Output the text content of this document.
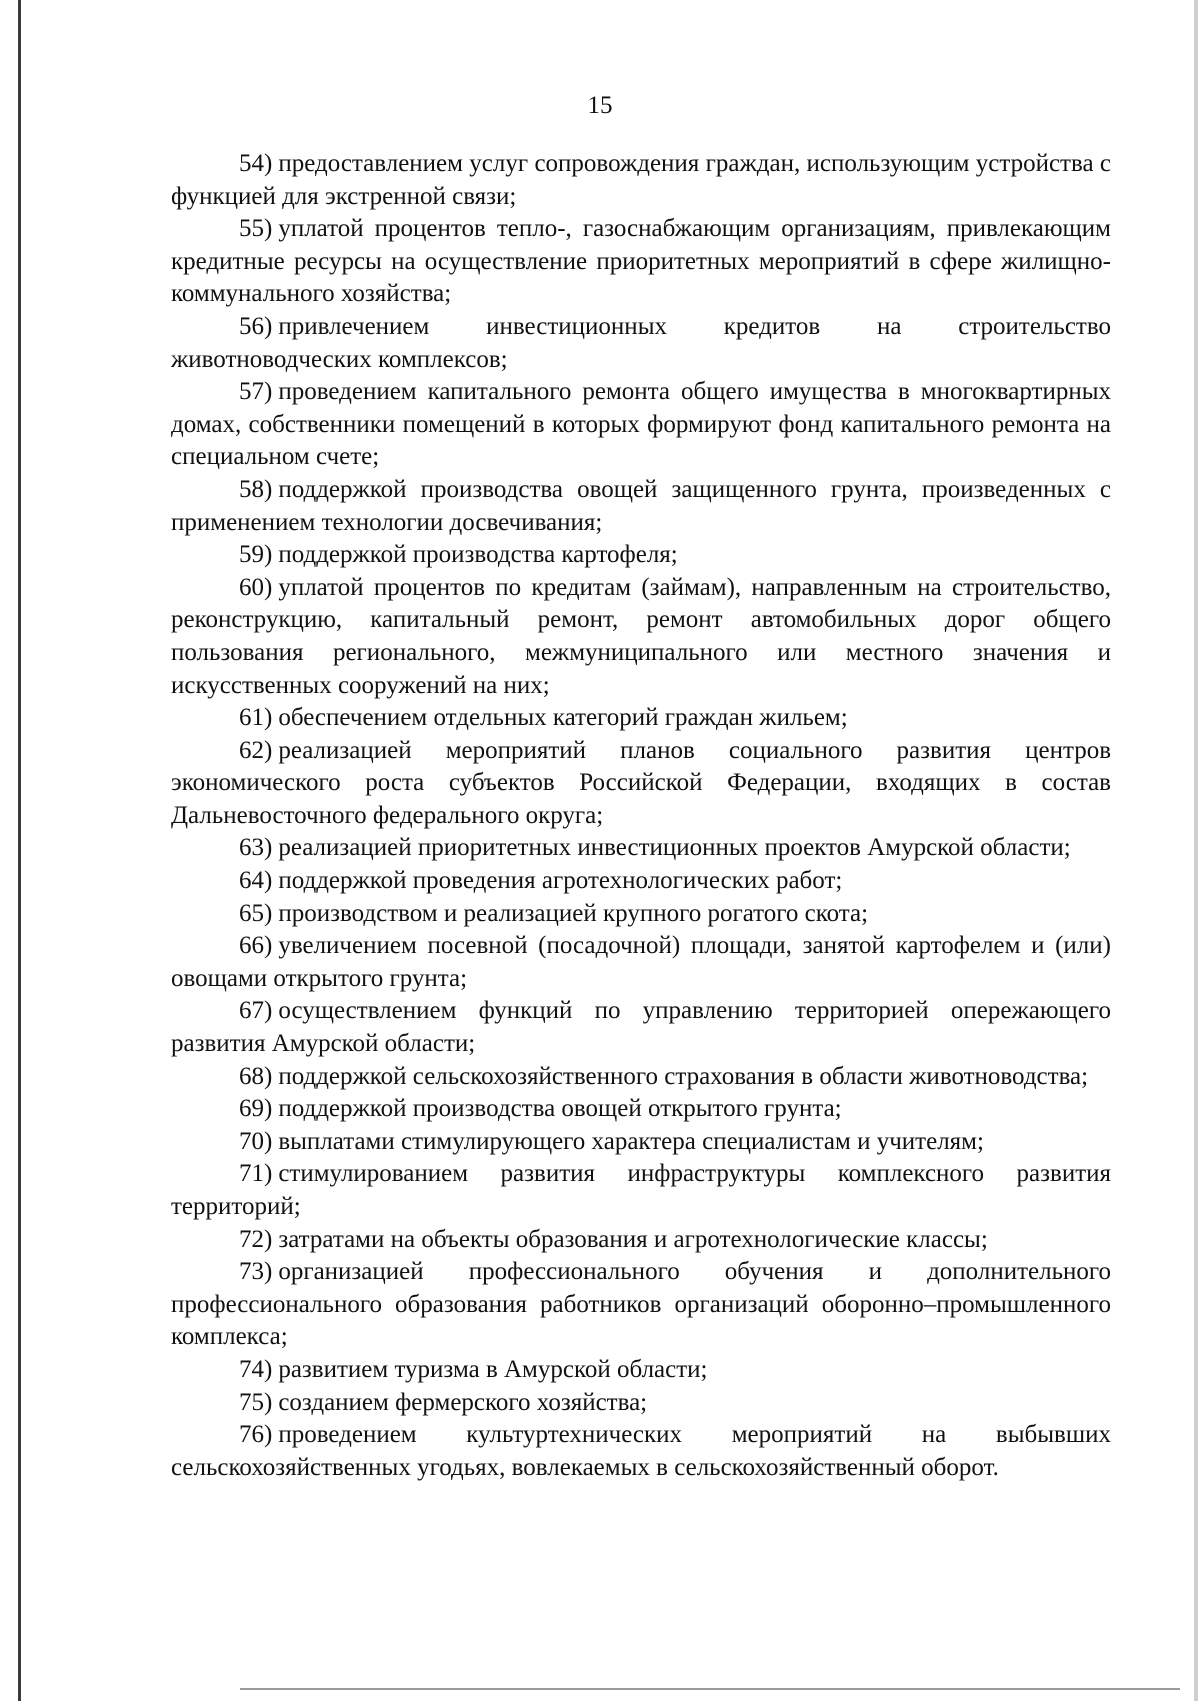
15

54) предоставлением услуг сопровождения граждан, использующим устройства с функцией для экстренной связи;

55) уплатой процентов тепло-, газоснабжающим организациям, привлекающим кредитные ресурсы на осуществление приоритетных мероприятий в сфере жилищно-коммунального хозяйства;

56) привлечением инвестиционных кредитов на строительство животноводческих комплексов;

57) проведением капитального ремонта общего имущества в многоквартирных домах, собственники помещений в которых формируют фонд капитального ремонта на специальном счете;

58) поддержкой производства овощей защищенного грунта, произведенных с применением технологии досвечивания;

59) поддержкой производства картофеля;

60) уплатой процентов по кредитам (займам), направленным на строительство, реконструкцию, капитальный ремонт, ремонт автомобильных дорог общего пользования регионального, межмуниципального или местного значения и искусственных сооружений на них;

61) обеспечением отдельных категорий граждан жильем;

62) реализацией мероприятий планов социального развития центров экономического роста субъектов Российской Федерации, входящих в состав Дальневосточного федерального округа;

63) реализацией приоритетных инвестиционных проектов Амурской области;

64) поддержкой проведения агротехнологических работ;

65) производством и реализацией крупного рогатого скота;

66) увеличением посевной (посадочной) площади, занятой картофелем и (или) овощами открытого грунта;

67) осуществлением функций по управлению территорией опережающего развития Амурской области;

68) поддержкой сельскохозяйственного страхования в области животноводства;

69) поддержкой производства овощей открытого грунта;

70) выплатами стимулирующего характера специалистам и учителям;

71) стимулированием развития инфраструктуры комплексного развития территорий;

72) затратами на объекты образования и агротехнологические классы;

73) организацией профессионального обучения и дополнительного профессионального образования работников организаций оборонно–промышленного комплекса;

74) развитием туризма в Амурской области;

75) созданием фермерского хозяйства;

76) проведением культуртехнических мероприятий на выбывших сельскохозяйственных угодьях, вовлекаемых в сельскохозяйственный оборот.
